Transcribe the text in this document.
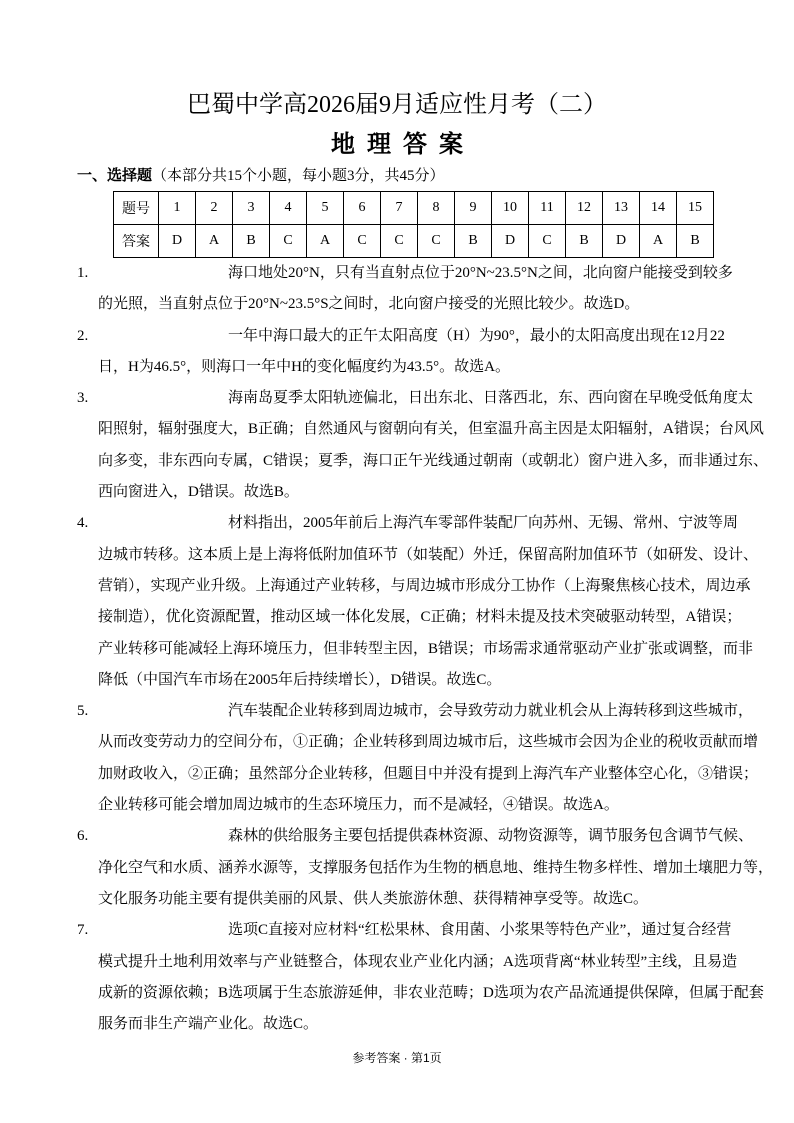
巴蜀中学高2026届9月适应性月考（二）
地理答案
一、选择题（本部分共15个小题，每小题3分，共45分）
题号	1	2	3	4	5	6	7	8	9	10	11	12	13	14	15
答案	D	A	B	C	A	C	C	C	B	D	C	B	D	A	B
1.	海口地处20°N，只有当直射点位于20°N~23.5°N之间，北向窗户能接受到较多
的光照，当直射点位于20°N~23.5°S之间时，北向窗户接受的光照比较少。故选D。
2.	一年中海口最大的正午太阳高度（H）为90°，最小的太阳高度出现在12月22
日，H为46.5°，则海口一年中H的变化幅度约为43.5°。故选A。
3.	海南岛夏季太阳轨迹偏北，日出东北、日落西北，东、西向窗在早晚受低角度太
阳照射，辐射强度大，B正确；自然通风与窗朝向有关，但室温升高主因是太阳辐射，A错误；台风风
向多变，非东西向专属，C错误；夏季，海口正午光线通过朝南（或朝北）窗户进入多，而非通过东、
西向窗进入，D错误。故选B。
4.	材料指出，2005年前后上海汽车零部件装配厂向苏州、无锡、常州、宁波等周
边城市转移。这本质上是上海将低附加值环节（如装配）外迁，保留高附加值环节（如研发、设计、
营销），实现产业升级。上海通过产业转移，与周边城市形成分工协作（上海聚焦核心技术，周边承
接制造），优化资源配置，推动区域一体化发展，C正确；材料未提及技术突破驱动转型，A错误；
产业转移可能减轻上海环境压力，但非转型主因，B错误；市场需求通常驱动产业扩张或调整，而非
降低（中国汽车市场在2005年后持续增长），D错误。故选C。
5.	汽车装配企业转移到周边城市，会导致劳动力就业机会从上海转移到这些城市，
从而改变劳动力的空间分布，①正确；企业转移到周边城市后，这些城市会因为企业的税收贡献而增
加财政收入，②正确；虽然部分企业转移，但题目中并没有提到上海汽车产业整体空心化，③错误；
企业转移可能会增加周边城市的生态环境压力，而不是减轻，④错误。故选A。
6.	森林的供给服务主要包括提供森林资源、动物资源等，调节服务包含调节气候、
净化空气和水质、涵养水源等，支撑服务包括作为生物的栖息地、维持生物多样性、增加土壤肥力等，
文化服务功能主要有提供美丽的风景、供人类旅游休憩、获得精神享受等。故选C。
7.	选项C直接对应材料“红松果林、食用菌、小浆果等特色产业”，通过复合经营
模式提升土地利用效率与产业链整合，体现农业产业化内涵；A选项背离“林业转型”主线，且易造
成新的资源依赖；B选项属于生态旅游延伸，非农业范畴；D选项为农产品流通提供保障，但属于配套
服务而非生产端产业化。故选C。
参考答案 · 第1页
